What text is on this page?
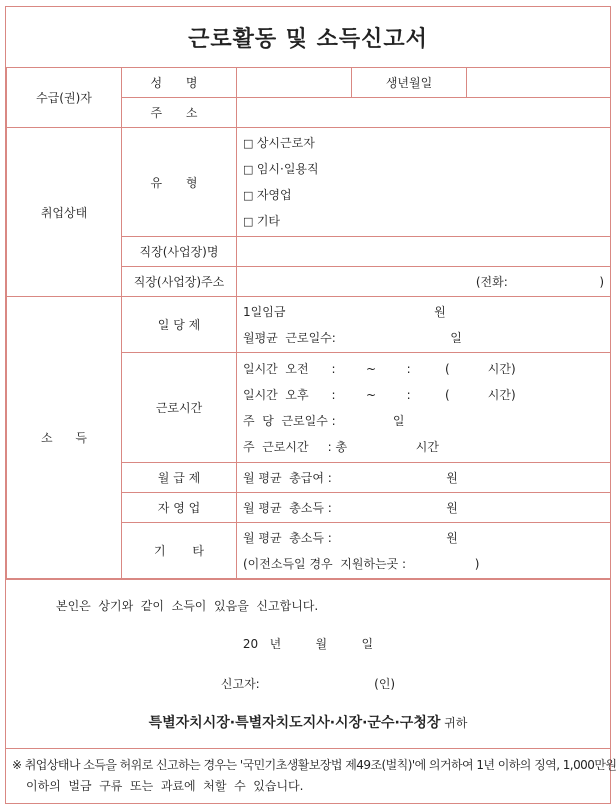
근로활동 및 소득신고서
수급(권)자	성 명		생년월일	
	주 소			
취업상태	유 형	□ 상시근로자
□ 임시·일용직
□ 자영업
□ 기타		

	직장(사업장)명			
	직장(사업장)주소	(전화:                        )		
소      득	일 당 제	1일임금                                       원
월평균  근로일수:                              일		

	근로시간	일시간  오전      :        ~        :         (          시간)
일시간  오후      :        ~        :         (          시간)
주  당  근로일수 :               일
주  근로시간     : 총                  시간		

	월 급 제	월 평균  총급여 :                              원		
	자 영 업	월 평균  총소득 :                              원		
	기       타	월 평균  총소득 :                              원
(이전소득일 경우  지원하는곳 :                  )		
본인은  상기와  같이  소득이  있음을  신고합니다.
20   년         월         일
신고자:                              (인)
특별자치시장·특별자치도지사·시장·군수·구청장 귀하
※ 취업상태나 소득을 허위로 신고하는 경우는 '국민기초생활보장법 제49조(벌칙)'에 의거하여 1년 이하의 징역, 1,000만원
이하의  벌금  구류  또는  과료에  처할  수  있습니다.
